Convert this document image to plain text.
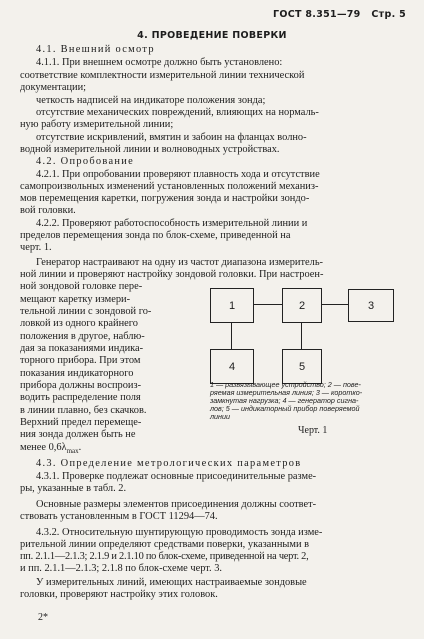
ГОСТ 8.351—79 Стр. 5
4. ПРОВЕДЕНИЕ ПОВЕРКИ
4.1. Внешний осмотр
4.1.1. При внешнем осмотре должно быть установлено:
соответствие комплектности измерительной линии технической
документации;
четкость надписей на индикаторе положения зонда;
отсутствие механических повреждений, влияющих на нормаль-
ную работу измерительной линии;
отсутствие искривлений, вмятин и забоин на фланцах волно-
водной измерительной линии и волноводных устройствах.
4.2. Опробование
4.2.1. При опробовании проверяют плавность хода и отсутствие
самопроизвольных изменений установленных положений механиз-
мов перемещения каретки, погружения зонда и настройки зондо-
вой головки.
4.2.2. Проверяют работоспособность измерительной линии и
пределов перемещения зонда по блок-схеме, приведенной на
черт. 1.
Генератор настраивают на одну из частот диапазона измеритель-
ной линии и проверяют настройку зондовой головки. При настроен-
ной зондовой головке пере-
мещают каретку измери-
тельной линии с зондовой го-
ловкой из одного крайнего
положения в другое, наблю-
дая за показаниями индика-
торного прибора. При этом
показания индикаторного
прибора должны воспроиз-
водить распределение поля
в линии плавно, без скачков.
Верхний предел перемеще-
ния зонда должен быть не
менее $0,6\lambda_{max}$.
4.3. Определение метрологических параметров
4.3.1. Проверке подлежат основные присоединительные разме-
ры, указанные в табл. 2.
Основные размеры элементов присоединения должны соответ-
ствовать установленным в ГОСТ 11294—74.
4.3.2. Относительную шунтирующую проводимость зонда изме-
рительной линии определяют средствами поверки, указанными в
пп. 2.1.1—2.1.3; 2.1.9 и 2.1.10 по блок-схеме, приведенной на черт. 2,
и пп. 2.1.1—2.1.3; 2.1.8 по блок-схеме черт. 3.
У измерительных линий, имеющих настраиваемые зондовые
головки, проверяют настройку этих головок.
1	2	3
4	5
1 — развязывающее устройство; 2 — пове-
ряемая измерительная линия; 3 — коротко-
замкнутая нагрузка; 4 — генератор сигна-
лов; 5 — индикаторный прибор поверяемой
линии
Черт. 1
2*
